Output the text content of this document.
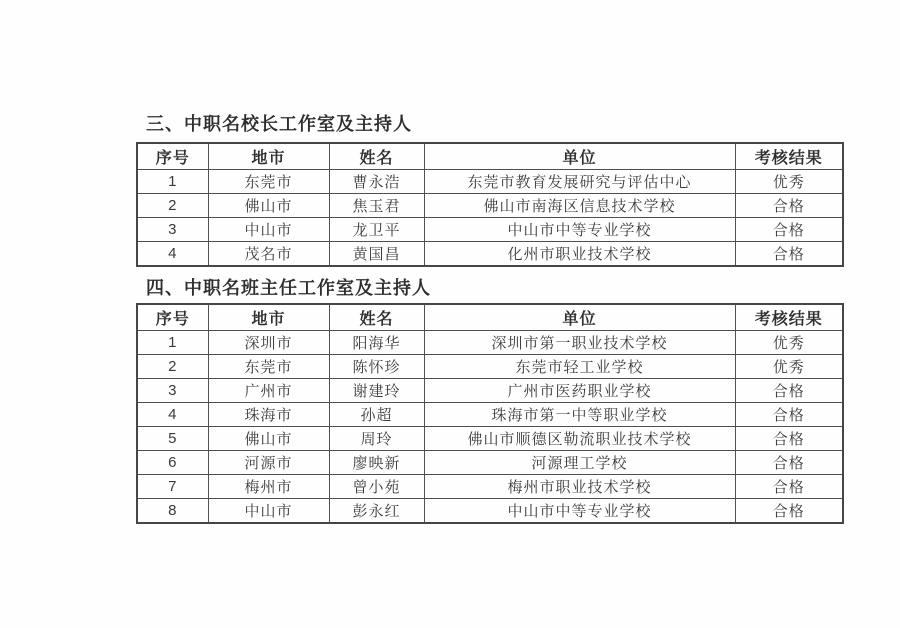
三、中职名校长工作室及主持人
序号	地市	姓名	单位	考核结果
1	东莞市	曹永浩	东莞市教育发展研究与评估中心	优秀
2	佛山市	焦玉君	佛山市南海区信息技术学校	合格
3	中山市	龙卫平	中山市中等专业学校	合格
4	茂名市	黄国昌	化州市职业技术学校	合格
四、中职名班主任工作室及主持人
序号	地市	姓名	单位	考核结果
1	深圳市	阳海华	深圳市第一职业技术学校	优秀
2	东莞市	陈怀珍	东莞市轻工业学校	优秀
3	广州市	谢建玲	广州市医药职业学校	合格
4	珠海市	孙超	珠海市第一中等职业学校	合格
5	佛山市	周玲	佛山市顺德区勒流职业技术学校	合格
6	河源市	廖映新	河源理工学校	合格
7	梅州市	曾小苑	梅州市职业技术学校	合格
8	中山市	彭永红	中山市中等专业学校	合格
